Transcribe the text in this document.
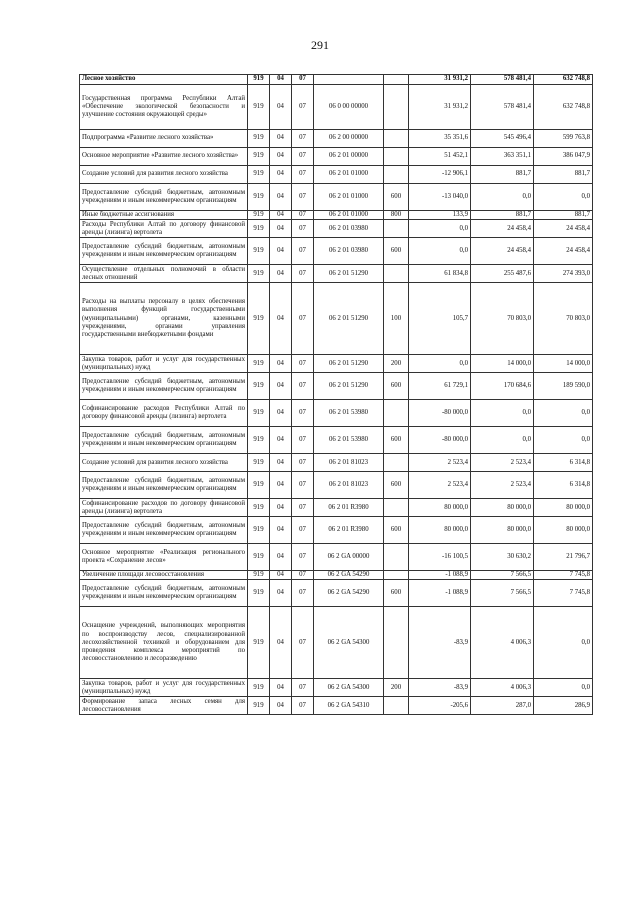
291
Лесное хозяйство	919	04	07			31 931,2	578 481,4	632 748,8
Государственная программа Республики Алтай «Обеспечение экологической безопасности и улучшение состояния окружающей среды»	919	04	07	06 0 00 00000		31 931,2	578 481,4	632 748,8
Подпрограмма «Развитие лесного хозяйства»	919	04	07	06 2 00 00000		35 351,6	545 496,4	599 763,8
Основное мероприятие «Развитие лесного хозяйства»	919	04	07	06 2 01 00000		51 452,1	363 351,1	386 047,9
Создание условий для развития лесного хозяйства	919	04	07	06 2 01 01000		-12 906,1	881,7	881,7
Предоставление субсидий бюджетным, автономным учреждениям и иным некоммерческим организациям	919	04	07	06 2 01 01000	600	-13 040,0	0,0	0,0
Иные бюджетные ассигнования	919	04	07	06 2 01 01000	800	133,9	881,7	881,7
Расходы Республики Алтай по договору финансовой аренды (лизинга) вертолета	919	04	07	06 2 01 03980		0,0	24 458,4	24 458,4
Предоставление субсидий бюджетным, автономным учреждениям и иным некоммерческим организациям	919	04	07	06 2 01 03980	600	0,0	24 458,4	24 458,4
Осуществление отдельных полномочий в области лесных отношений	919	04	07	06 2 01 51290		61 834,8	255 487,6	274 393,0
Расходы на выплаты персоналу в целях обеспечения выполнения функций государственными (муниципальными) органами, казенными учреждениями, органами управления государственными внебюджетными фондами	919	04	07	06 2 01 51290	100	105,7	70 803,0	70 803,0
Закупка товаров, работ и услуг для государственных (муниципальных) нужд	919	04	07	06 2 01 51290	200	0,0	14 000,0	14 000,0
Предоставление субсидий бюджетным, автономным учреждениям и иным некоммерческим организациям	919	04	07	06 2 01 51290	600	61 729,1	170 684,6	189 590,0
Софинансирование расходов Республики Алтай по договору финансовой аренды (лизинга) вертолета	919	04	07	06 2 01 53980		-80 000,0	0,0	0,0
Предоставление субсидий бюджетным, автономным учреждениям и иным некоммерческим организациям	919	04	07	06 2 01 53980	600	-80 000,0	0,0	0,0
Создание условий для развития лесного хозяйства	919	04	07	06 2 01 81023		2 523,4	2 523,4	6 314,8
Предоставление субсидий бюджетным, автономным учреждениям и иным некоммерческим организациям	919	04	07	06 2 01 81023	600	2 523,4	2 523,4	6 314,8
Софинансирование расходов по договору финансовой аренды (лизинга) вертолета	919	04	07	06 2 01 R3980		80 000,0	80 000,0	80 000,0
Предоставление субсидий бюджетным, автономным учреждениям и иным некоммерческим организациям	919	04	07	06 2 01 R3980	600	80 000,0	80 000,0	80 000,0
Основное мероприятие «Реализация регионального проекта «Сохранение лесов»	919	04	07	06 2 GA 00000		-16 100,5	30 630,2	21 796,7
Увеличение площади лесовосстановления	919	04	07	06 2 GA 54290		-1 088,9	7 566,5	7 745,8
Предоставление субсидий бюджетным, автономным учреждениям и иным некоммерческим организациям	919	04	07	06 2 GA 54290	600	-1 088,9	7 566,5	7 745,8
Оснащение учреждений, выполняющих мероприятия по воспроизводству лесов, специализированной лесохозяйственной техникой и оборудованием для проведения комплекса мероприятий по лесовосстановлению и лесоразведению	919	04	07	06 2 GA 54300		-83,9	4 006,3	0,0
Закупка товаров, работ и услуг для государственных (муниципальных) нужд	919	04	07	06 2 GA 54300	200	-83,9	4 006,3	0,0
Формирование запаса лесных семян для лесовосстановления	919	04	07	06 2 GA 54310		-205,6	287,0	286,9
